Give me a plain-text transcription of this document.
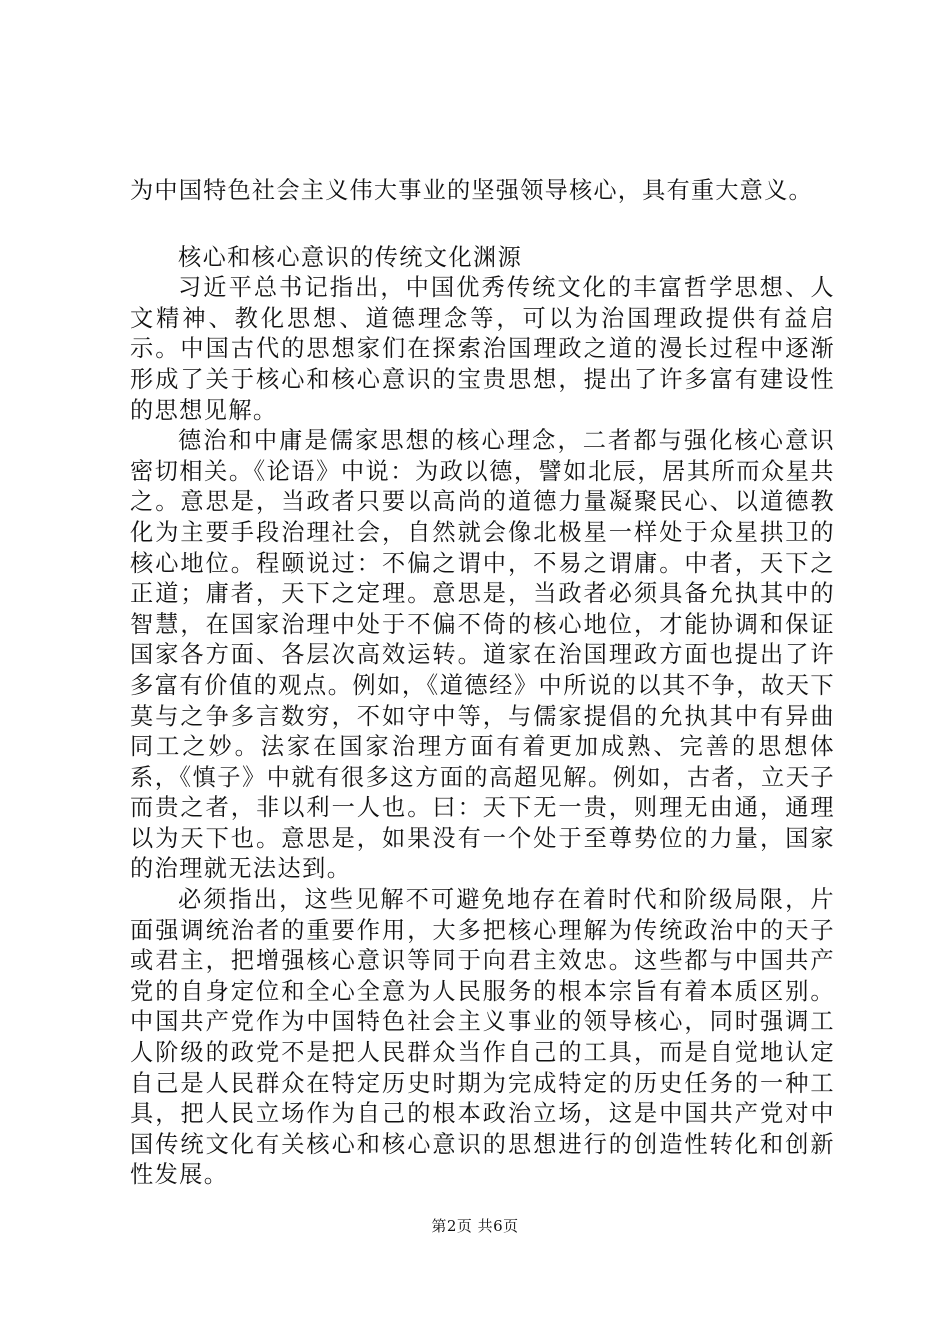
为中国特色社会主义伟大事业的坚强领导核心，具有重大意义。

核心和核心意识的传统文化渊源

习近平总书记指出，中国优秀传统文化的丰富哲学思想、人文精神、教化思想、道德理念等，可以为治国理政提供有益启示。中国古代的思想家们在探索治国理政之道的漫长过程中逐渐形成了关于核心和核心意识的宝贵思想，提出了许多富有建设性的思想见解。

德治和中庸是儒家思想的核心理念，二者都与强化核心意识密切相关。《论语》中说：为政以德，譬如北辰，居其所而众星共之。意思是，当政者只要以高尚的道德力量凝聚民心、以道德教化为主要手段治理社会，自然就会像北极星一样处于众星拱卫的核心地位。程颐说过：不偏之谓中，不易之谓庸。中者，天下之正道；庸者，天下之定理。意思是，当政者必须具备允执其中的智慧，在国家治理中处于不偏不倚的核心地位，才能协调和保证国家各方面、各层次高效运转。道家在治国理政方面也提出了许多富有价值的观点。例如，《道德经》中所说的以其不争，故天下莫与之争多言数穷，不如守中等，与儒家提倡的允执其中有异曲同工之妙。法家在国家治理方面有着更加成熟、完善的思想体系，《慎子》中就有很多这方面的高超见解。例如，古者，立天子而贵之者，非以利一人也。曰：天下无一贵，则理无由通，通理以为天下也。意思是，如果没有一个处于至尊势位的力量，国家的治理就无法达到。

必须指出，这些见解不可避免地存在着时代和阶级局限，片面强调统治者的重要作用，大多把核心理解为传统政治中的天子或君主，把增强核心意识等同于向君主效忠。这些都与中国共产党的自身定位和全心全意为人民服务的根本宗旨有着本质区别。中国共产党作为中国特色社会主义事业的领导核心，同时强调工人阶级的政党不是把人民群众当作自己的工具，而是自觉地认定自己是人民群众在特定历史时期为完成特定的历史任务的一种工具，把人民立场作为自己的根本政治立场，这是中国共产党对中国传统文化有关核心和核心意识的思想进行的创造性转化和创新性发展。

第2页 共6页
